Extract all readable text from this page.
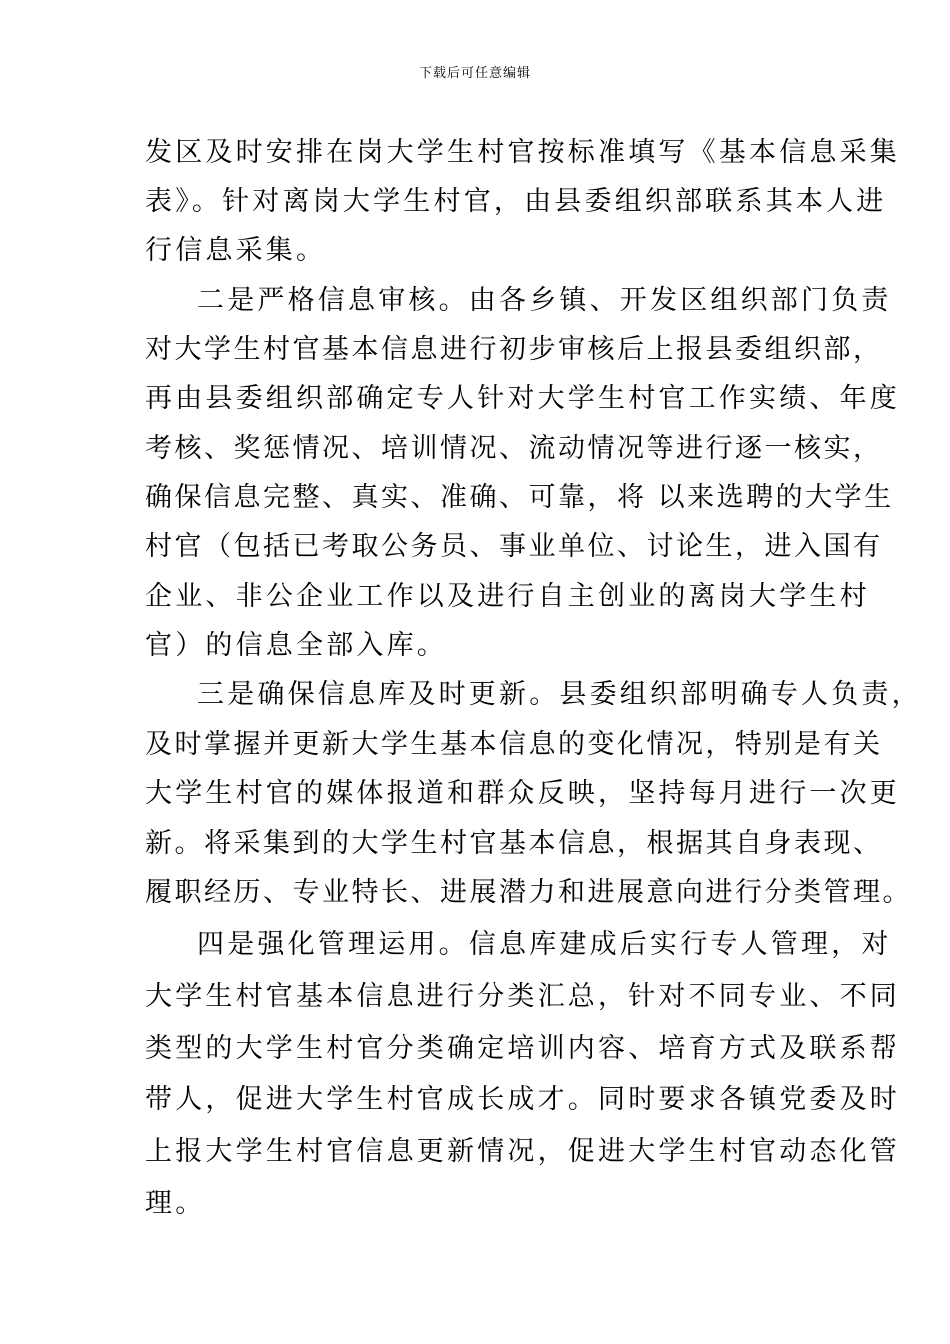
下载后可任意编辑
发区及时安排在岗大学生村官按标准填写《基本信息采集
表》。针对离岗大学生村官，由县委组织部联系其本人进
行信息采集。
二是严格信息审核。由各乡镇、开发区组织部门负责
对大学生村官基本信息进行初步审核后上报县委组织部，
再由县委组织部确定专人针对大学生村官工作实绩、年度
考核、奖惩情况、培训情况、流动情况等进行逐一核实，
确保信息完整、真实、准确、可靠，将 以来选聘的大学生
村官（包括已考取公务员、事业单位、讨论生，进入国有
企业、非公企业工作以及进行自主创业的离岗大学生村
官）的信息全部入库。
三是确保信息库及时更新。县委组织部明确专人负责，
及时掌握并更新大学生基本信息的变化情况，特别是有关
大学生村官的媒体报道和群众反映，坚持每月进行一次更
新。将采集到的大学生村官基本信息，根据其自身表现、
履职经历、专业特长、进展潜力和进展意向进行分类管理。
四是强化管理运用。信息库建成后实行专人管理，对
大学生村官基本信息进行分类汇总，针对不同专业、不同
类型的大学生村官分类确定培训内容、培育方式及联系帮
带人，促进大学生村官成长成才。同时要求各镇党委及时
上报大学生村官信息更新情况，促进大学生村官动态化管
理。
